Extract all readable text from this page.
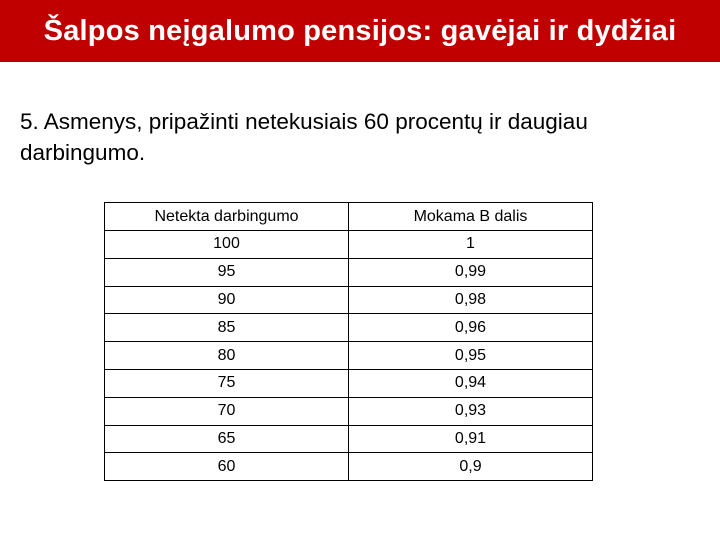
Šalpos neįgalumo pensijos: gavėjai ir dydžiai
5. Asmenys, pripažinti netekusiais 60 procentų ir daugiau darbingumo.
Netekta darbingumo	Mokama B dalis
100	1
95	0,99
90	0,98
85	0,96
80	0,95
75	0,94
70	0,93
65	0,91
60	0,9
